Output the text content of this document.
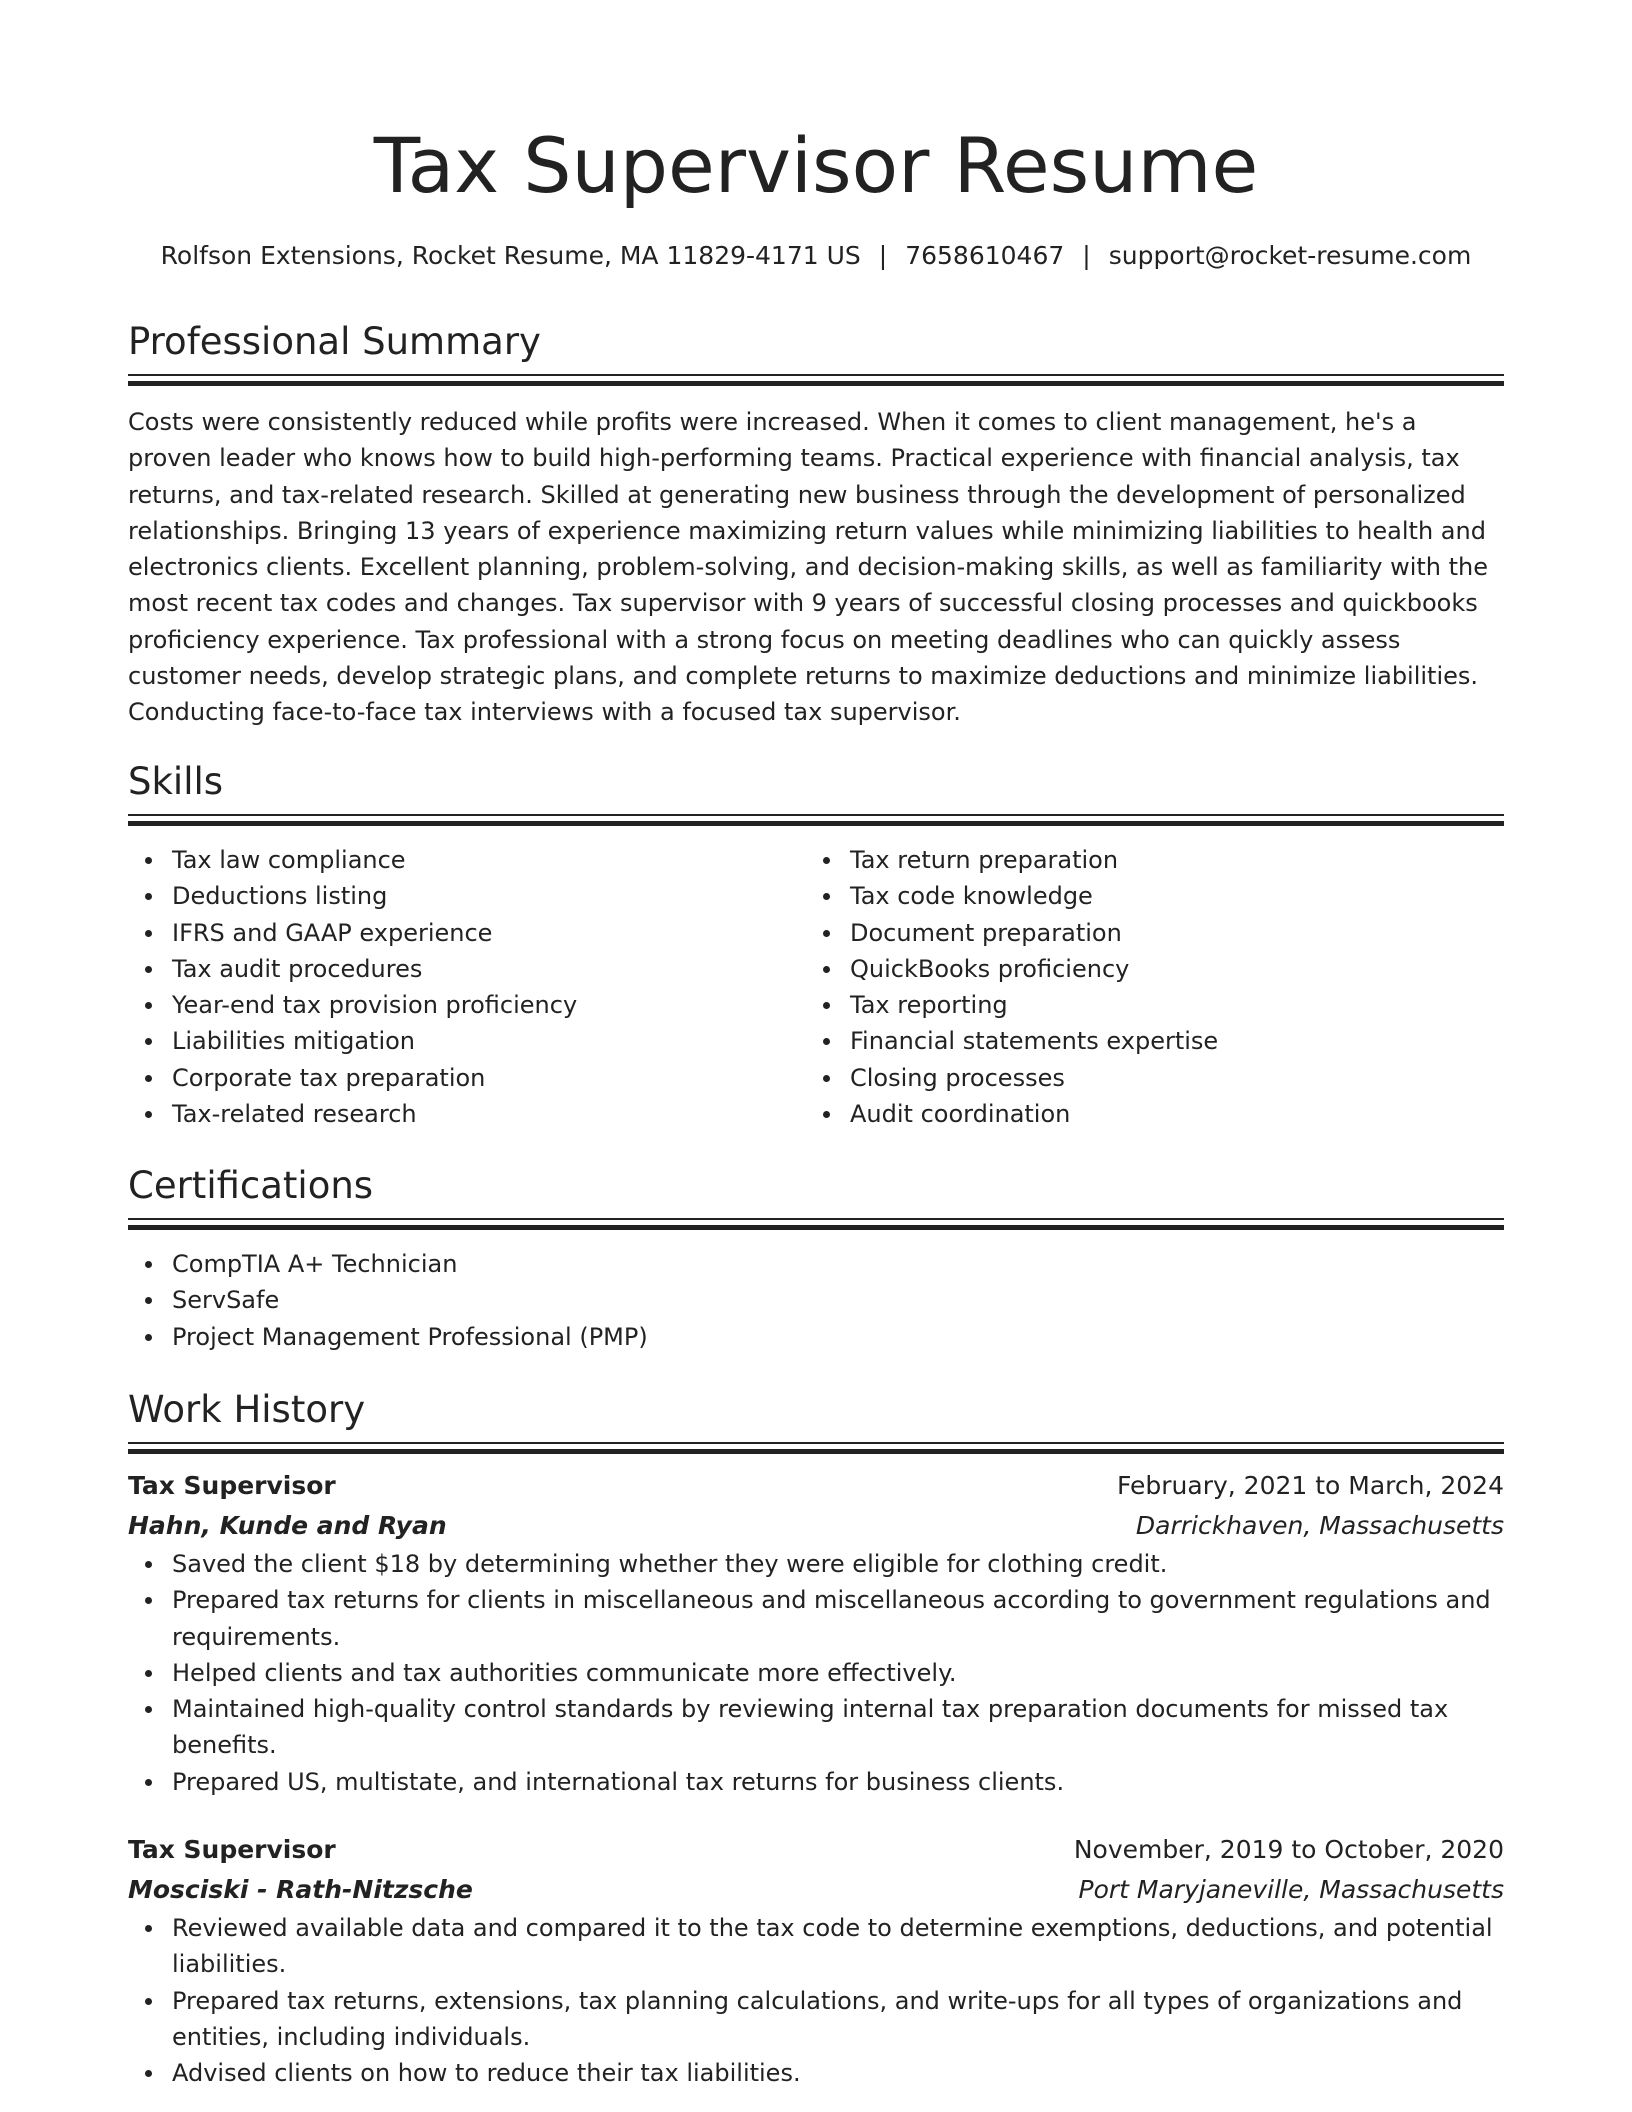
Tax Supervisor Resume
Rolfson Extensions, Rocket Resume, MA 11829-4171 US | 7658610467 | support@rocket-resume.com
Professional Summary
Costs were consistently reduced while profits were increased. When it comes to client management, he's a proven leader who knows how to build high-performing teams. Practical experience with financial analysis, tax returns, and tax-related research. Skilled at generating new business through the development of personalized relationships. Bringing 13 years of experience maximizing return values while minimizing liabilities to health and electronics clients. Excellent planning, problem-solving, and decision-making skills, as well as familiarity with the most recent tax codes and changes. Tax supervisor with 9 years of successful closing processes and quickbooks proficiency experience. Tax professional with a strong focus on meeting deadlines who can quickly assess customer needs, develop strategic plans, and complete returns to maximize deductions and minimize liabilities. Conducting face-to-face tax interviews with a focused tax supervisor.
Skills
Tax law compliance
Deductions listing
IFRS and GAAP experience
Tax audit procedures
Year-end tax provision proficiency
Liabilities mitigation
Corporate tax preparation
Tax-related research
Tax return preparation
Tax code knowledge
Document preparation
QuickBooks proficiency
Tax reporting
Financial statements expertise
Closing processes
Audit coordination
Certifications
CompTIA A+ Technician
ServSafe
Project Management Professional (PMP)
Work History
Tax Supervisor	February, 2021 to March, 2024
Hahn, Kunde and Ryan	Darrickhaven, Massachusetts
Saved the client $18 by determining whether they were eligible for clothing credit.
Prepared tax returns for clients in miscellaneous and miscellaneous according to government regulations and requirements.
Helped clients and tax authorities communicate more effectively.
Maintained high-quality control standards by reviewing internal tax preparation documents for missed tax benefits.
Prepared US, multistate, and international tax returns for business clients.
Tax Supervisor	November, 2019 to October, 2020
Mosciski - Rath-Nitzsche	Port Maryjaneville, Massachusetts
Reviewed available data and compared it to the tax code to determine exemptions, deductions, and potential liabilities.
Prepared tax returns, extensions, tax planning calculations, and write-ups for all types of organizations and entities, including individuals.
Advised clients on how to reduce their tax liabilities.
